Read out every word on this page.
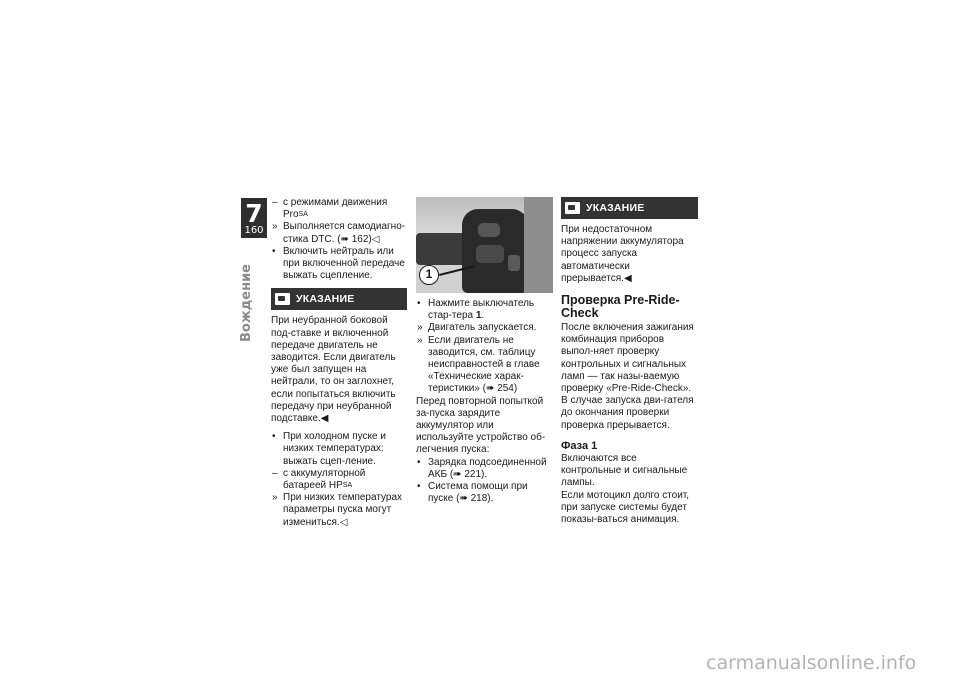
7
160
Вождение
– с режимами движения Pro$^{SA}$
» Выполняется самодиагно-стика DTC. (➠ 162)◁
• Включить нейтраль или при включенной передаче выжать сцепление.
УКАЗАНИЕ

При неубранной боковой под-ставке и включенной передаче двигатель не заводится. Если двигатель уже был запущен на нейтрали, то он заглохнет, если попытаться включить передачу при неубранной подставке.◀

• При холодном пуске и низких температурах: выжать сцеп-ление.
– с аккумуляторной батареей $HP^{SA}$
» При низких температурах параметры пуска могут измениться.◁
1
• Нажмите выключатель стар-тера 1.
» Двигатель запускается.
» Если двигатель не заводится, см. таблицу неисправностей в главе «Технические харак-теристики» (➠ 254)

Перед повторной попыткой за-пуска зарядите аккумулятор или используйте устройство об-легчения пуска:

• Зарядка подсоединенной АКБ (➠ 221).
• Система помощи при пуске (➠ 218).
УКАЗАНИЕ

При недостаточном напряжении аккумулятора процесс запуска автоматически прерывается.◀

Проверка Pre-Ride-Check

После включения зажигания комбинация приборов выпол-няет проверку контрольных и сигнальных ламп — так назы-ваемую проверку «Pre-Ride-Check». В случае запуска дви-гателя до окончания проверки проверка прерывается.

Фаза 1

Включаются все контрольные и сигнальные лампы.

Если мотоцикл долго стоит, при запуске системы будет показы-ваться анимация.

carmanualsonline.info
